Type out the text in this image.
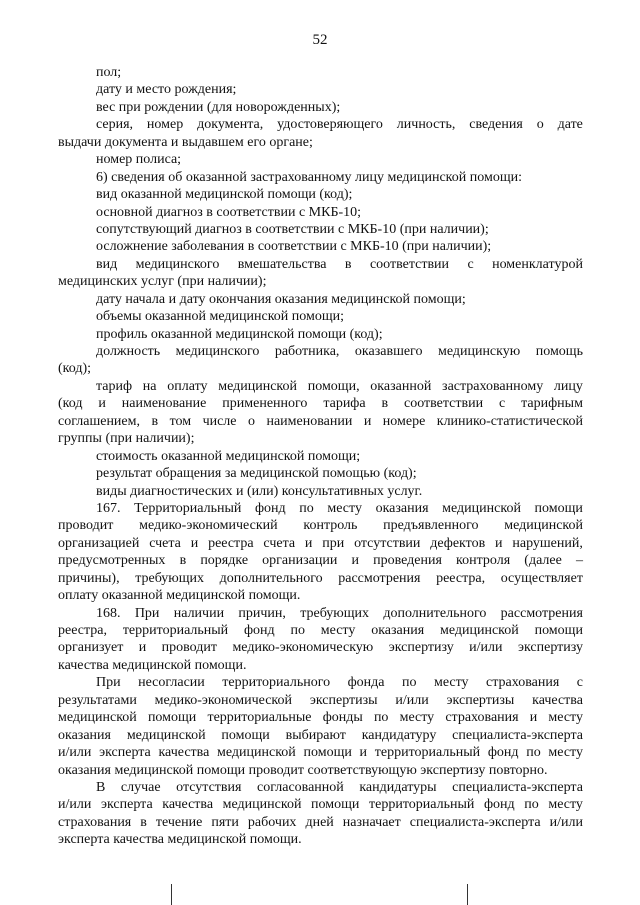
52
пол;
дату и место рождения;
вес при рождении (для новорожденных);
серия, номер документа, удостоверяющего личность, сведения о дате
выдачи документа и выдавшем его органе;
номер полиса;
6) сведения об оказанной застрахованному лицу медицинской помощи:
вид оказанной медицинской помощи (код);
основной диагноз в соответствии с МКБ-10;
сопутствующий диагноз в соответствии с МКБ-10 (при наличии);
осложнение заболевания в соответствии с МКБ-10 (при наличии);
вид медицинского вмешательства в соответствии с номенклатурой
медицинских услуг (при наличии);
дату начала и дату окончания оказания медицинской помощи;
объемы оказанной медицинской помощи;
профиль оказанной медицинской помощи (код);
должность медицинского работника, оказавшего медицинскую помощь
(код);
тариф на оплату медицинской помощи, оказанной застрахованному лицу
(код и наименование примененного тарифа в соответствии с тарифным
соглашением, в том числе о наименовании и номере клинико-статистической
группы (при наличии);
стоимость оказанной медицинской помощи;
результат обращения за медицинской помощью (код);
виды диагностических и (или) консультативных услуг.
167. Территориальный фонд по месту оказания медицинской помощи
проводит медико-экономический контроль предъявленного медицинской
организацией счета и реестра счета и при отсутствии дефектов и нарушений,
предусмотренных в порядке организации и проведения контроля (далее –
причины), требующих дополнительного рассмотрения реестра, осуществляет
оплату оказанной медицинской помощи.
168. При наличии причин, требующих дополнительного рассмотрения
реестра, территориальный фонд по месту оказания медицинской помощи
организует и проводит медико-экономическую экспертизу и/или экспертизу
качества медицинской помощи.
При несогласии территориального фонда по месту страхования с
результатами медико-экономической экспертизы и/или экспертизы качества
медицинской помощи территориальные фонды по месту страхования и месту
оказания медицинской помощи выбирают кандидатуру специалиста-эксперта
и/или эксперта качества медицинской помощи и территориальный фонд по месту
оказания медицинской помощи проводит соответствующую экспертизу повторно.
В случае отсутствия согласованной кандидатуры специалиста-эксперта
и/или эксперта качества медицинской помощи территориальный фонд по месту
страхования в течение пяти рабочих дней назначает специалиста-эксперта и/или
эксперта качества медицинской помощи.
